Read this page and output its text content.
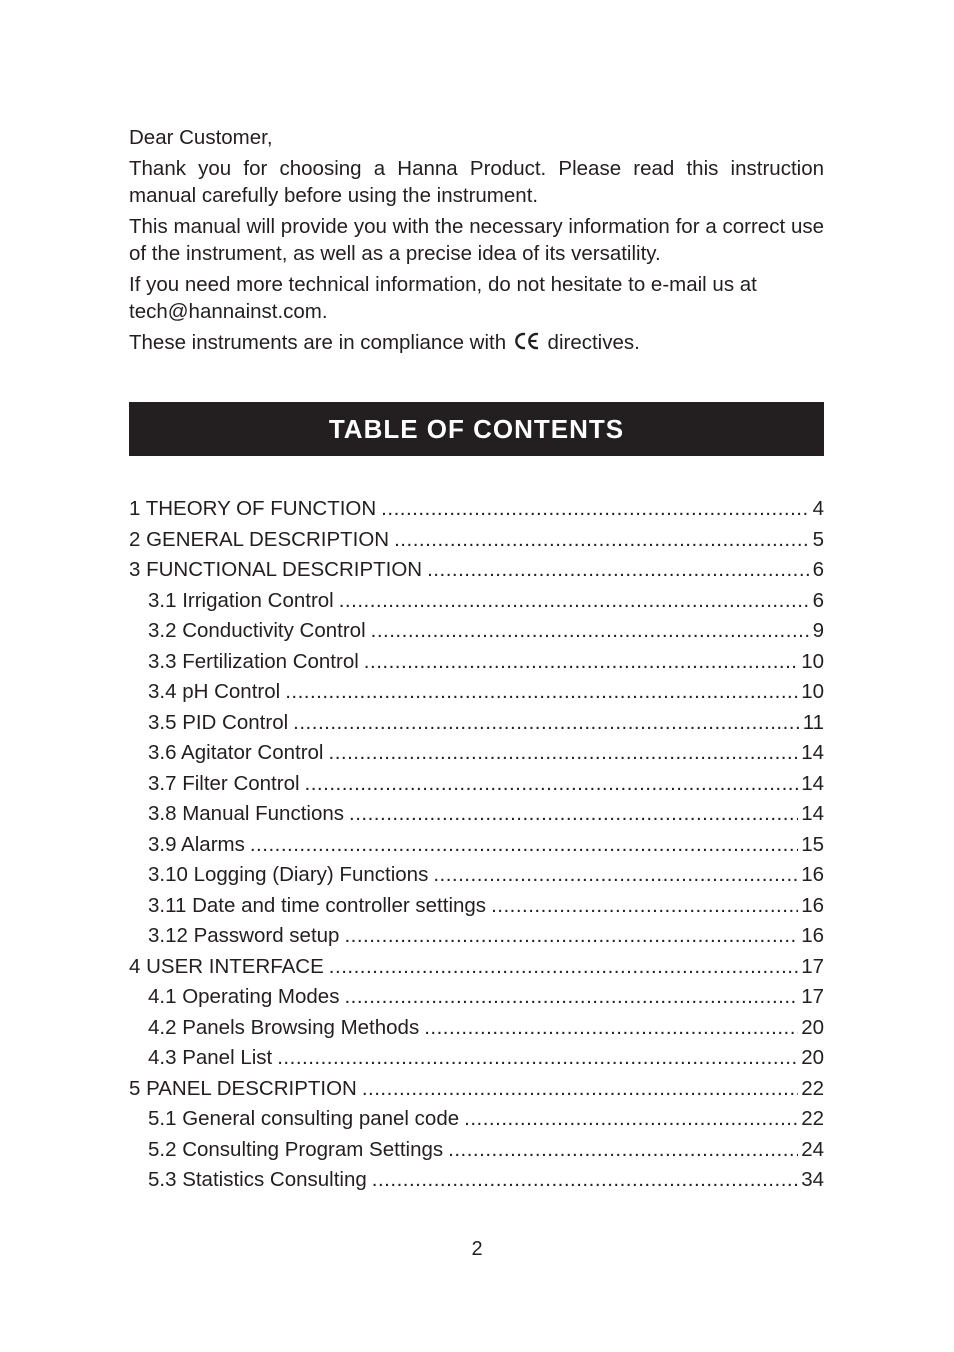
Dear Customer,

Thank you for choosing a Hanna Product. Please read this instruction manual carefully before using the instrument.

This manual will provide you with the necessary information for a correct use of the instrument, as well as a precise idea of its versatility.

If you need more technical information, do not hesitate to e-mail us at
tech@hannainst.com.

These instruments are in compliance with directives.

TABLE OF CONTENTS
1 THEORY OF FUNCTION .....	4
2 GENERAL DESCRIPTION .....	5
3 FUNCTIONAL DESCRIPTION .....	6
3.1 Irrigation Control .....	6
3.2 Conductivity Control .....	9
3.3 Fertilization Control .....	10
3.4 pH Control .....	10
3.5 PID Control .....	11
3.6 Agitator Control .....	14
3.7 Filter Control .....	14
3.8 Manual Functions .....	14
3.9 Alarms .....	15
3.10 Logging (Diary) Functions .....	16
3.11 Date and time controller settings .....	16
3.12 Password setup .....	16
4 USER INTERFACE .....	17
4.1 Operating Modes .....	17
4.2 Panels Browsing Methods .....	20
4.3 Panel List .....	20
5 PANEL DESCRIPTION .....	22
5.1 General consulting panel code .....	22
5.2 Consulting Program Settings .....	24
5.3 Statistics Consulting .....	34
2
